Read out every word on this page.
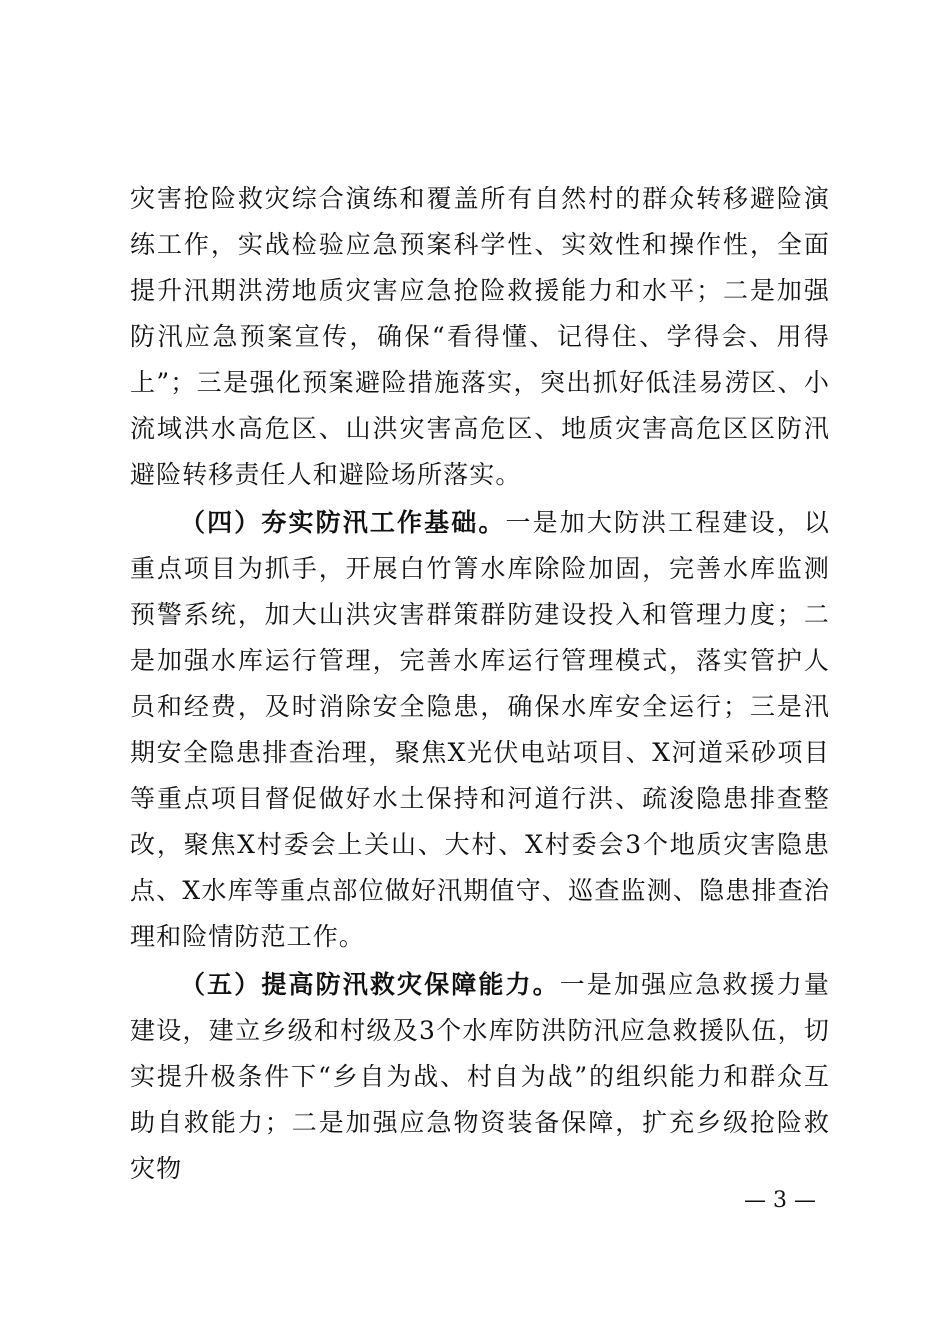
灾害抢险救灾综合演练和覆盖所有自然村的群众转移避险演练工作，实战检验应急预案科学性、实效性和操作性，全面提升汛期洪涝地质灾害应急抢险救援能力和水平；二是加强防汛应急预案宣传，确保“看得懂、记得住、学得会、用得上”；三是强化预案避险措施落实，突出抓好低洼易涝区、小流域洪水高危区、山洪灾害高危区、地质灾害高危区区防汛避险转移责任人和避险场所落实。

（四）夯实防汛工作基础。一是加大防洪工程建设，以重点项目为抓手，开展白竹箐水库除险加固，完善水库监测预警系统，加大山洪灾害群策群防建设投入和管理力度；二是加强水库运行管理，完善水库运行管理模式，落实管护人员和经费，及时消除安全隐患，确保水库安全运行；三是汛期安全隐患排查治理，聚焦X光伏电站项目、X河道采砂项目等重点项目督促做好水土保持和河道行洪、疏浚隐患排查整改，聚焦X村委会上关山、大村、X村委会3个地质灾害隐患点、X水库等重点部位做好汛期值守、巡查监测、隐患排查治理和险情防范工作。

（五）提高防汛救灾保障能力。一是加强应急救援力量建设，建立乡级和村级及3个水库防洪防汛应急救援队伍，切实提升极条件下“乡自为战、村自为战”的组织能力和群众互助自救能力；二是加强应急物资装备保障，扩充乡级抢险救灾物

— 3 —
